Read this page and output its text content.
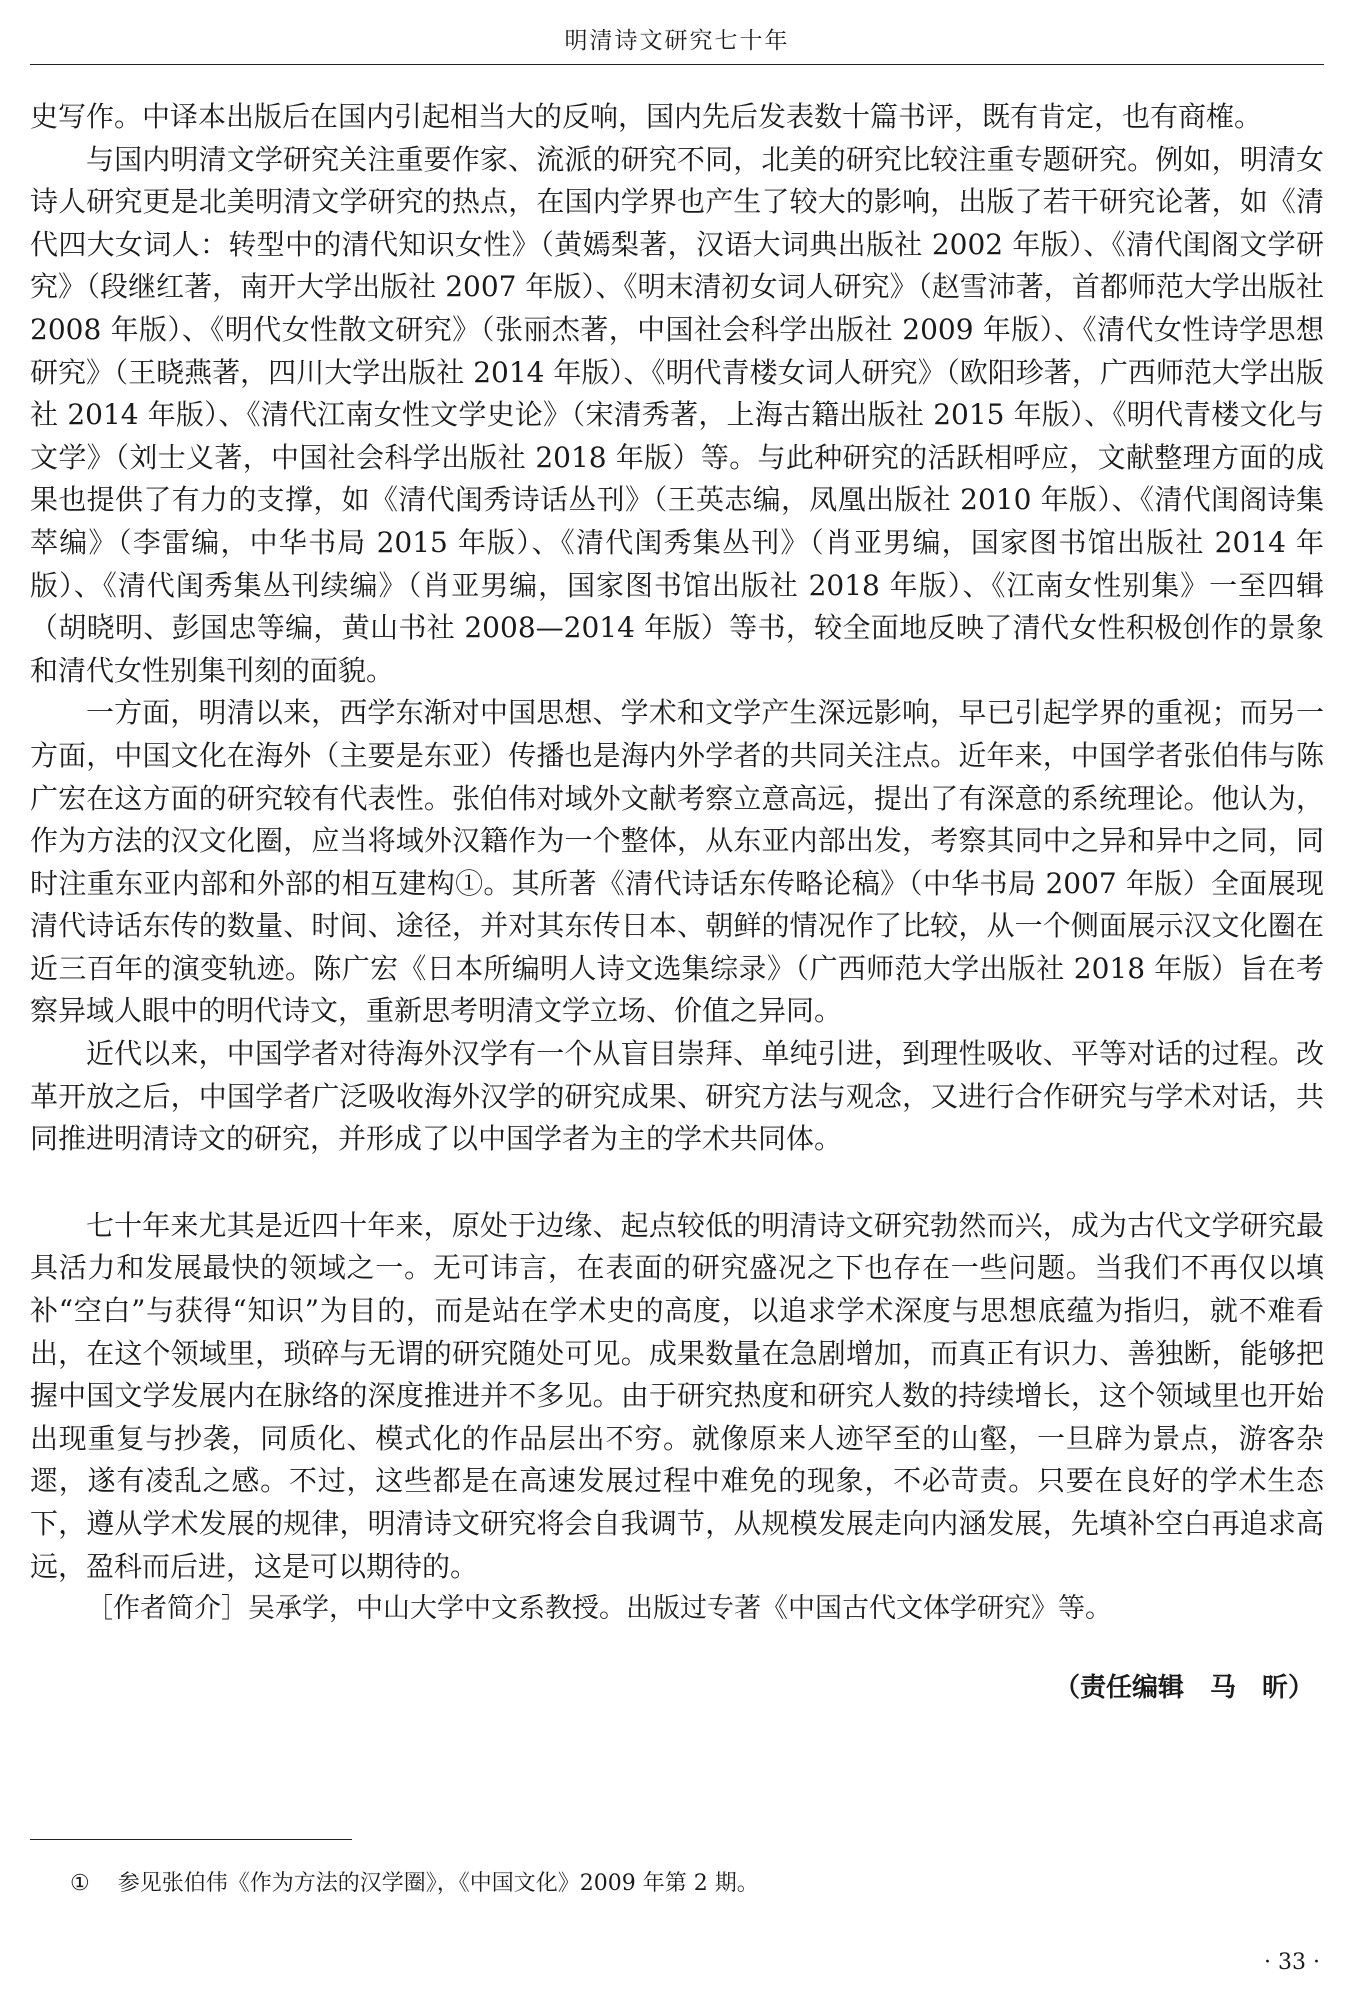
明清诗文研究七十年

史写作。中译本出版后在国内引起相当大的反响，国内先后发表数十篇书评，既有肯定，也有商榷。

与国内明清文学研究关注重要作家、流派的研究不同，北美的研究比较注重专题研究。例如，明清女诗人研究更是北美明清文学研究的热点，在国内学界也产生了较大的影响，出版了若干研究论著，如《清代四大女词人：转型中的清代知识女性》（黄嫣梨著，汉语大词典出版社 2002 年版）、《清代闺阁文学研究》（段继红著，南开大学出版社 2007 年版）、《明末清初女词人研究》（赵雪沛著，首都师范大学出版社 2008 年版）、《明代女性散文研究》（张丽杰著，中国社会科学出版社 2009 年版）、《清代女性诗学思想研究》（王晓燕著，四川大学出版社 2014 年版）、《明代青楼女词人研究》（欧阳珍著，广西师范大学出版社 2014 年版）、《清代江南女性文学史论》（宋清秀著，上海古籍出版社 2015 年版）、《明代青楼文化与文学》（刘士义著，中国社会科学出版社 2018 年版）等。与此种研究的活跃相呼应，文献整理方面的成果也提供了有力的支撑，如《清代闺秀诗话丛刊》（王英志编，凤凰出版社 2010 年版）、《清代闺阁诗集萃编》（李雷编，中华书局 2015 年版）、《清代闺秀集丛刊》（肖亚男编，国家图书馆出版社 2014 年版）、《清代闺秀集丛刊续编》（肖亚男编，国家图书馆出版社 2018 年版）、《江南女性别集》一至四辑（胡晓明、彭国忠等编，黄山书社 2008—2014 年版）等书，较全面地反映了清代女性积极创作的景象和清代女性别集刊刻的面貌。

一方面，明清以来，西学东渐对中国思想、学术和文学产生深远影响，早已引起学界的重视；而另一方面，中国文化在海外（主要是东亚）传播也是海内外学者的共同关注点。近年来，中国学者张伯伟与陈广宏在这方面的研究较有代表性。张伯伟对域外文献考察立意高远，提出了有深意的系统理论。他认为，作为方法的汉文化圈，应当将域外汉籍作为一个整体，从东亚内部出发，考察其同中之异和异中之同，同时注重东亚内部和外部的相互建构①。其所著《清代诗话东传略论稿》（中华书局 2007 年版）全面展现清代诗话东传的数量、时间、途径，并对其东传日本、朝鲜的情况作了比较，从一个侧面展示汉文化圈在近三百年的演变轨迹。陈广宏《日本所编明人诗文选集综录》（广西师范大学出版社 2018 年版）旨在考察异域人眼中的明代诗文，重新思考明清文学立场、价值之异同。

近代以来，中国学者对待海外汉学有一个从盲目崇拜、单纯引进，到理性吸收、平等对话的过程。改革开放之后，中国学者广泛吸收海外汉学的研究成果、研究方法与观念，又进行合作研究与学术对话，共同推进明清诗文的研究，并形成了以中国学者为主的学术共同体。

七十年来尤其是近四十年来，原处于边缘、起点较低的明清诗文研究勃然而兴，成为古代文学研究最具活力和发展最快的领域之一。无可讳言，在表面的研究盛况之下也存在一些问题。当我们不再仅以填补“空白”与获得“知识”为目的，而是站在学术史的高度，以追求学术深度与思想底蕴为指归，就不难看出，在这个领域里，琐碎与无谓的研究随处可见。成果数量在急剧增加，而真正有识力、善独断，能够把握中国文学发展内在脉络的深度推进并不多见。由于研究热度和研究人数的持续增长，这个领域里也开始出现重复与抄袭，同质化、模式化的作品层出不穷。就像原来人迹罕至的山壑，一旦辟为景点，游客杂遝，遂有凌乱之感。不过，这些都是在高速发展过程中难免的现象，不必苛责。只要在良好的学术生态下，遵从学术发展的规律，明清诗文研究将会自我调节，从规模发展走向内涵发展，先填补空白再追求高远，盈科而后进，这是可以期待的。

［作者简介］吴承学，中山大学中文系教授。出版过专著《中国古代文体学研究》等。

（责任编辑　马　昕）
① 参见张伯伟《作为方法的汉学圈》，《中国文化》2009 年第 2 期。
· 33 ·
